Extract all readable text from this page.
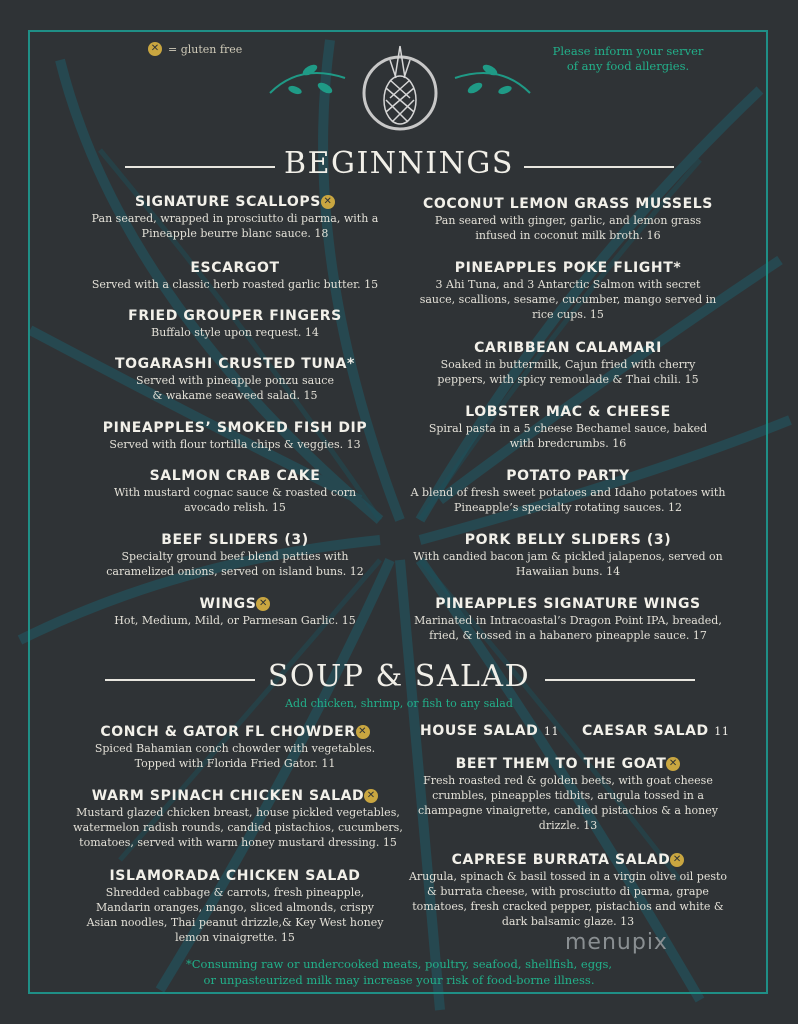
✕ = gluten free	Please inform your server of any food allergies.
BEGINNINGS
SIGNATURE SCALLOPS ✕
Pan seared, wrapped in prosciutto di parma, with a Pineapple beurre blanc sauce. 18
ESCARGOT
Served with a classic herb roasted garlic butter. 15
FRIED GROUPER FINGERS
Buffalo style upon request. 14
TOGARASHI CRUSTED TUNA*
Served with pineapple ponzu sauce & wakame seaweed salad. 15
PINEAPPLES’ SMOKED FISH DIP
Served with flour tortilla chips & veggies. 13
SALMON CRAB CAKE
With mustard cognac sauce & roasted corn avocado relish. 15
BEEF SLIDERS (3)
Specialty ground beef blend patties with caramelized onions, served on island buns. 12
WINGS ✕
Hot, Medium, Mild, or Parmesan Garlic. 15
COCONUT LEMON GRASS MUSSELS
Pan seared with ginger, garlic, and lemon grass infused in coconut milk broth. 16
PINEAPPLES POKE FLIGHT*
3 Ahi Tuna, and 3 Antarctic Salmon with secret sauce, scallions, sesame, cucumber, mango served in rice cups. 15
CARIBBEAN CALAMARI
Soaked in buttermilk, Cajun fried with cherry peppers, with spicy remoulade & Thai chili. 15
LOBSTER MAC & CHEESE
Spiral pasta in a 5 cheese Bechamel sauce, baked with bredcrumbs. 16
POTATO PARTY
A blend of fresh sweet potatoes and Idaho potatoes with Pineapple’s specialty rotating sauces. 12
PORK BELLY SLIDERS (3)
With candied bacon jam & pickled jalapenos, served on Hawaiian buns. 14
PINEAPPLES SIGNATURE WINGS
Marinated in Intracoastal’s Dragon Point IPA, breaded, fried, & tossed in a habanero pineapple sauce. 17
SOUP & SALAD
Add chicken, shrimp, or fish to any salad
CONCH & GATOR FL CHOWDER ✕
Spiced Bahamian conch chowder with vegetables. Topped with Florida Fried Gator. 11
WARM SPINACH CHICKEN SALAD ✕
Mustard glazed chicken breast, house pickled vegetables, watermelon radish rounds, candied pistachios, cucumbers, tomatoes, served with warm honey mustard dressing. 15
ISLAMORADA CHICKEN SALAD
Shredded cabbage & carrots, fresh pineapple, Mandarin oranges, mango, sliced almonds, crispy Asian noodles, Thai peanut drizzle,& Key West honey lemon vinaigrette. 15
HOUSE SALAD 11 CAESAR SALAD 11
BEET THEM TO THE GOAT ✕
Fresh roasted red & golden beets, with goat cheese crumbles, pineapples tidbits, arugula tossed in a champagne vinaigrette, candied pistachios & a honey drizzle. 13
CAPRESE BURRATA SALAD ✕
Arugula, spinach & basil tossed in a virgin olive oil pesto & burrata cheese, with prosciutto di parma, grape tomatoes, fresh cracked pepper, pistachios and white & dark balsamic glaze. 13
*Consuming raw or undercooked meats, poultry, seafood, shellfish, eggs,
or unpasteurized milk may increase your risk of food-borne illness.
menupix
